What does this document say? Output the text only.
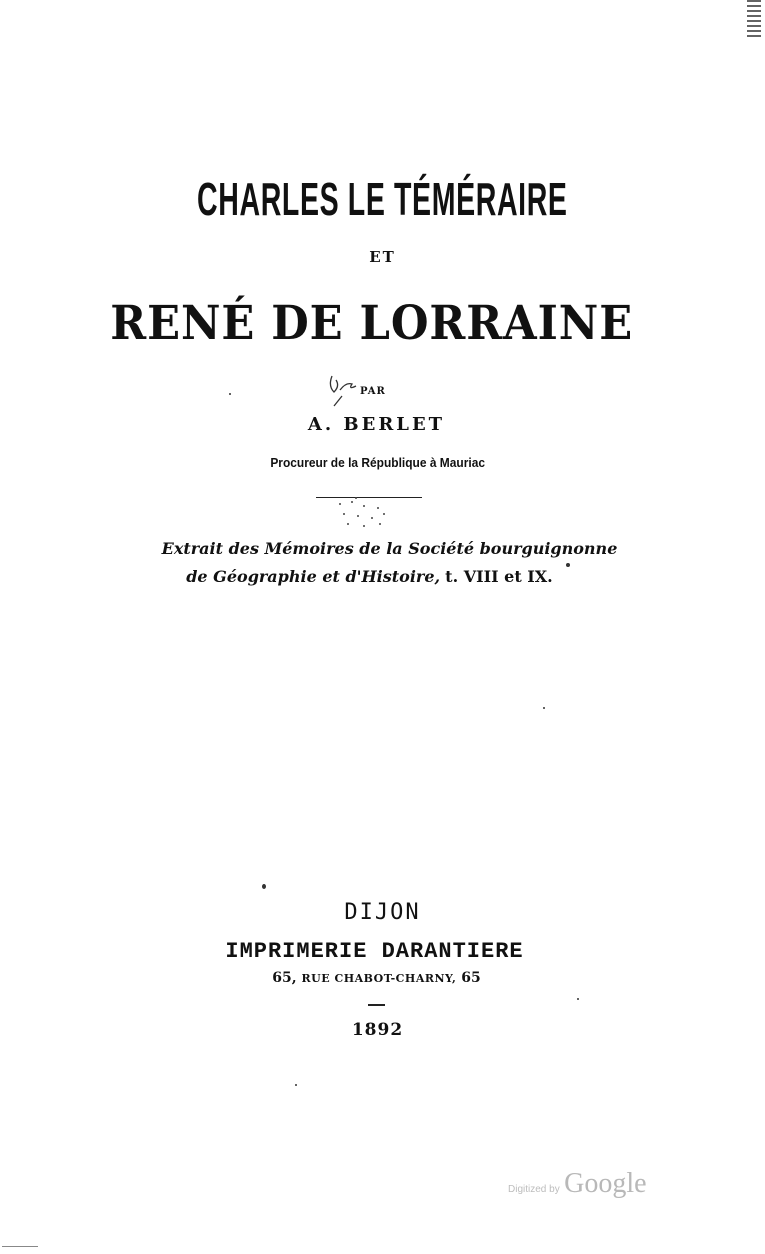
CHARLES LE TÉMÉRAIRE
ET
RENÉ DE LORRAINE
PAR
A. BERLET
Procureur de la République à Mauriac
Extrait des Mémoires de la Société bourguignonne
de Géographie et d'Histoire, t. VIII et IX.
DIJON
IMPRIMERIE DARANTIERE
65, RUE CHABOT-CHARNY, 65
1892
Digitized by Google
